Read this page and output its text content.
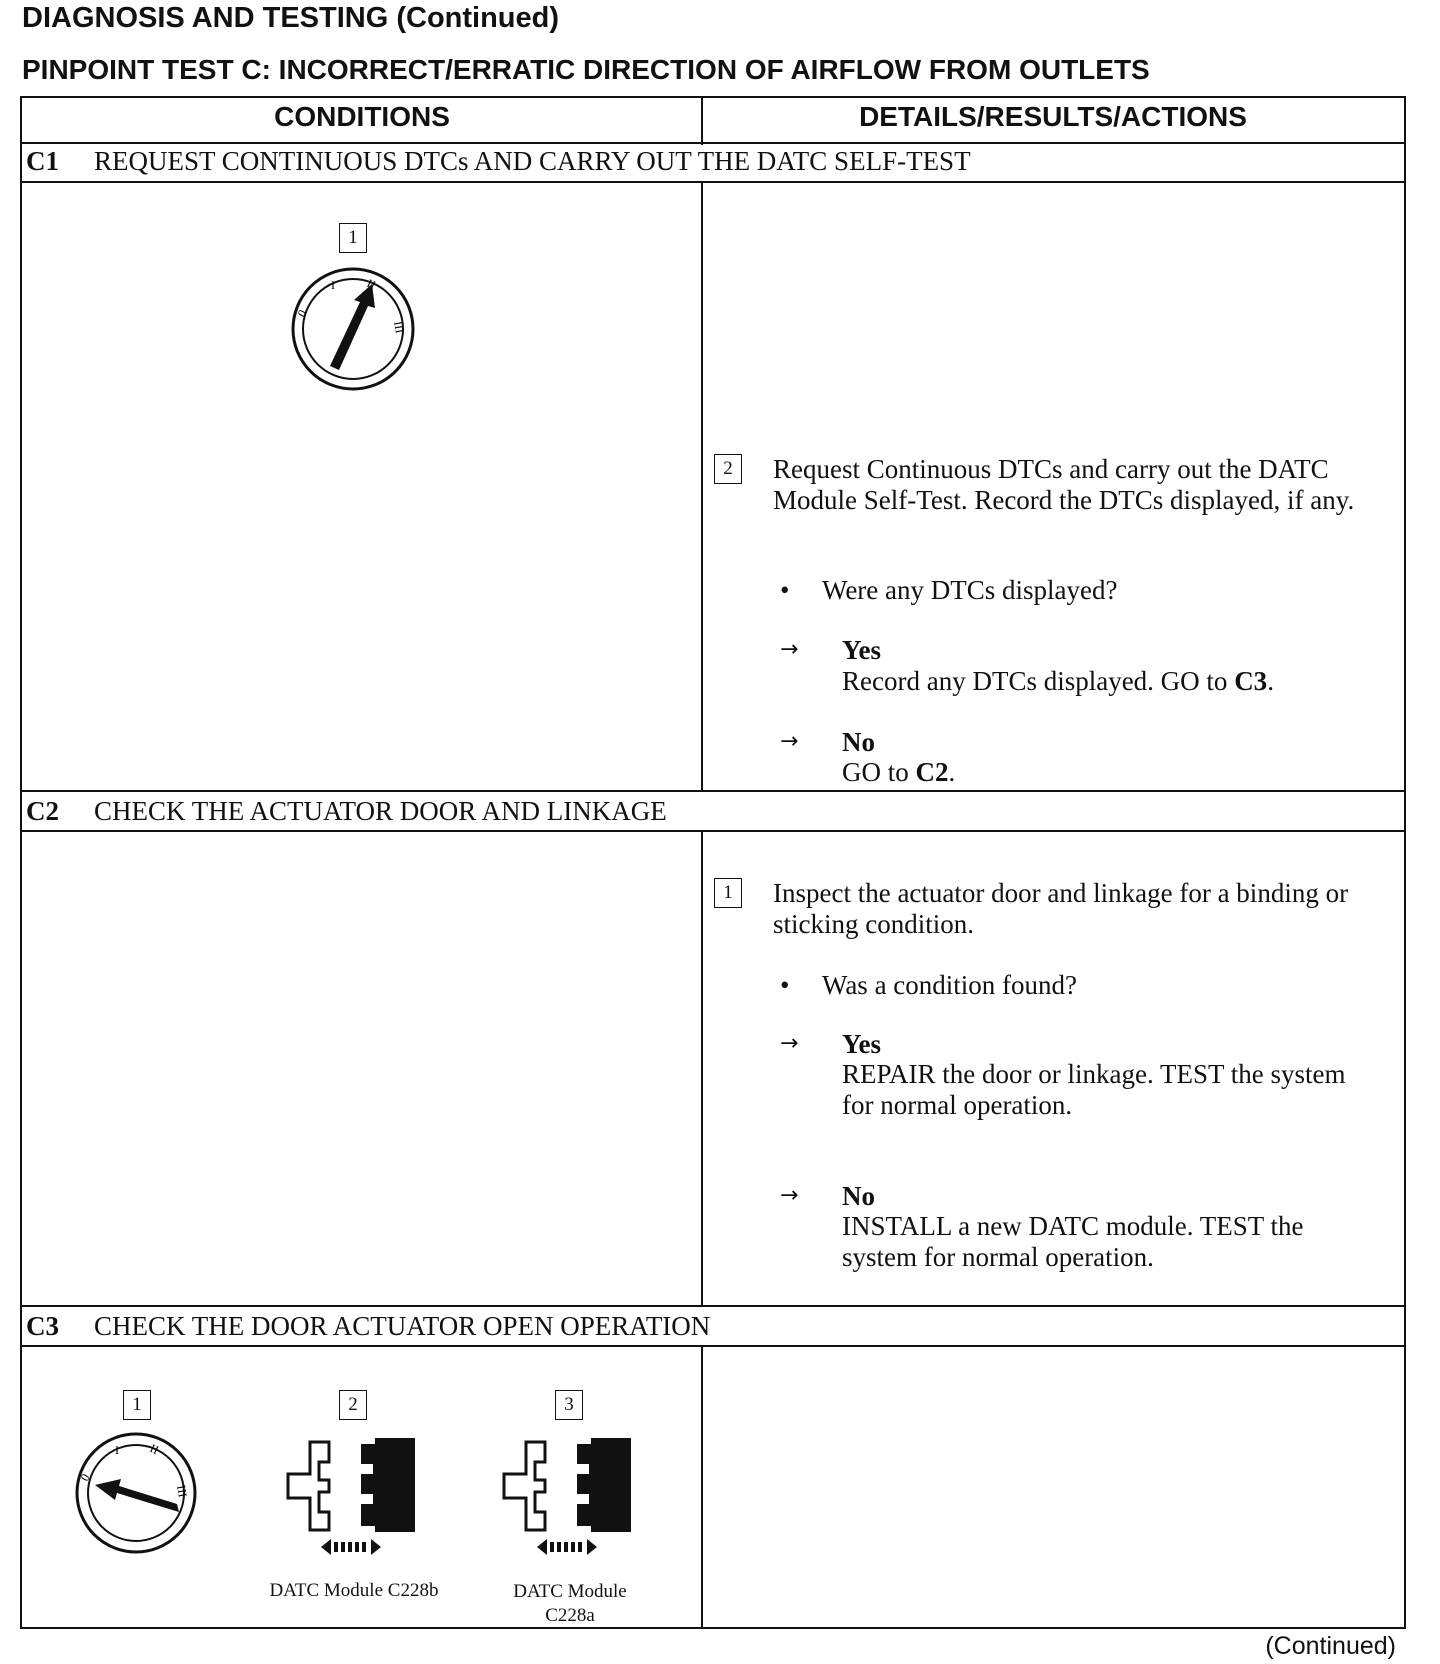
DIAGNOSIS AND TESTING (Continued)
PINPOINT TEST C: INCORRECT/ERRATIC DIRECTION OF AIRFLOW FROM OUTLETS
CONDITIONS	DETAILS/RESULTS/ACTIONS
C1 REQUEST CONTINUOUS DTCs AND CARRY OUT THE DATC SELF-TEST
1
0
I II
III
2	Request Continuous DTCs and carry out the DATC Module Self-Test. Record the DTCs displayed, if any.
• Were any DTCs displayed?
→ Yes
Record any DTCs displayed. GO to C3.
→ No
GO to C2.
C2 CHECK THE ACTUATOR DOOR AND LINKAGE
1	Inspect the actuator door and linkage for a binding or sticking condition.
• Was a condition found?
→ Yes
REPAIR the door or linkage. TEST the system for normal operation.
→ No
INSTALL a new DATC module. TEST the system for normal operation.
C3 CHECK THE DOOR ACTUATOR OPEN OPERATION
1
0
I II
III
2
DATC Module C228b
3
DATC Module
C228a
(Continued)
